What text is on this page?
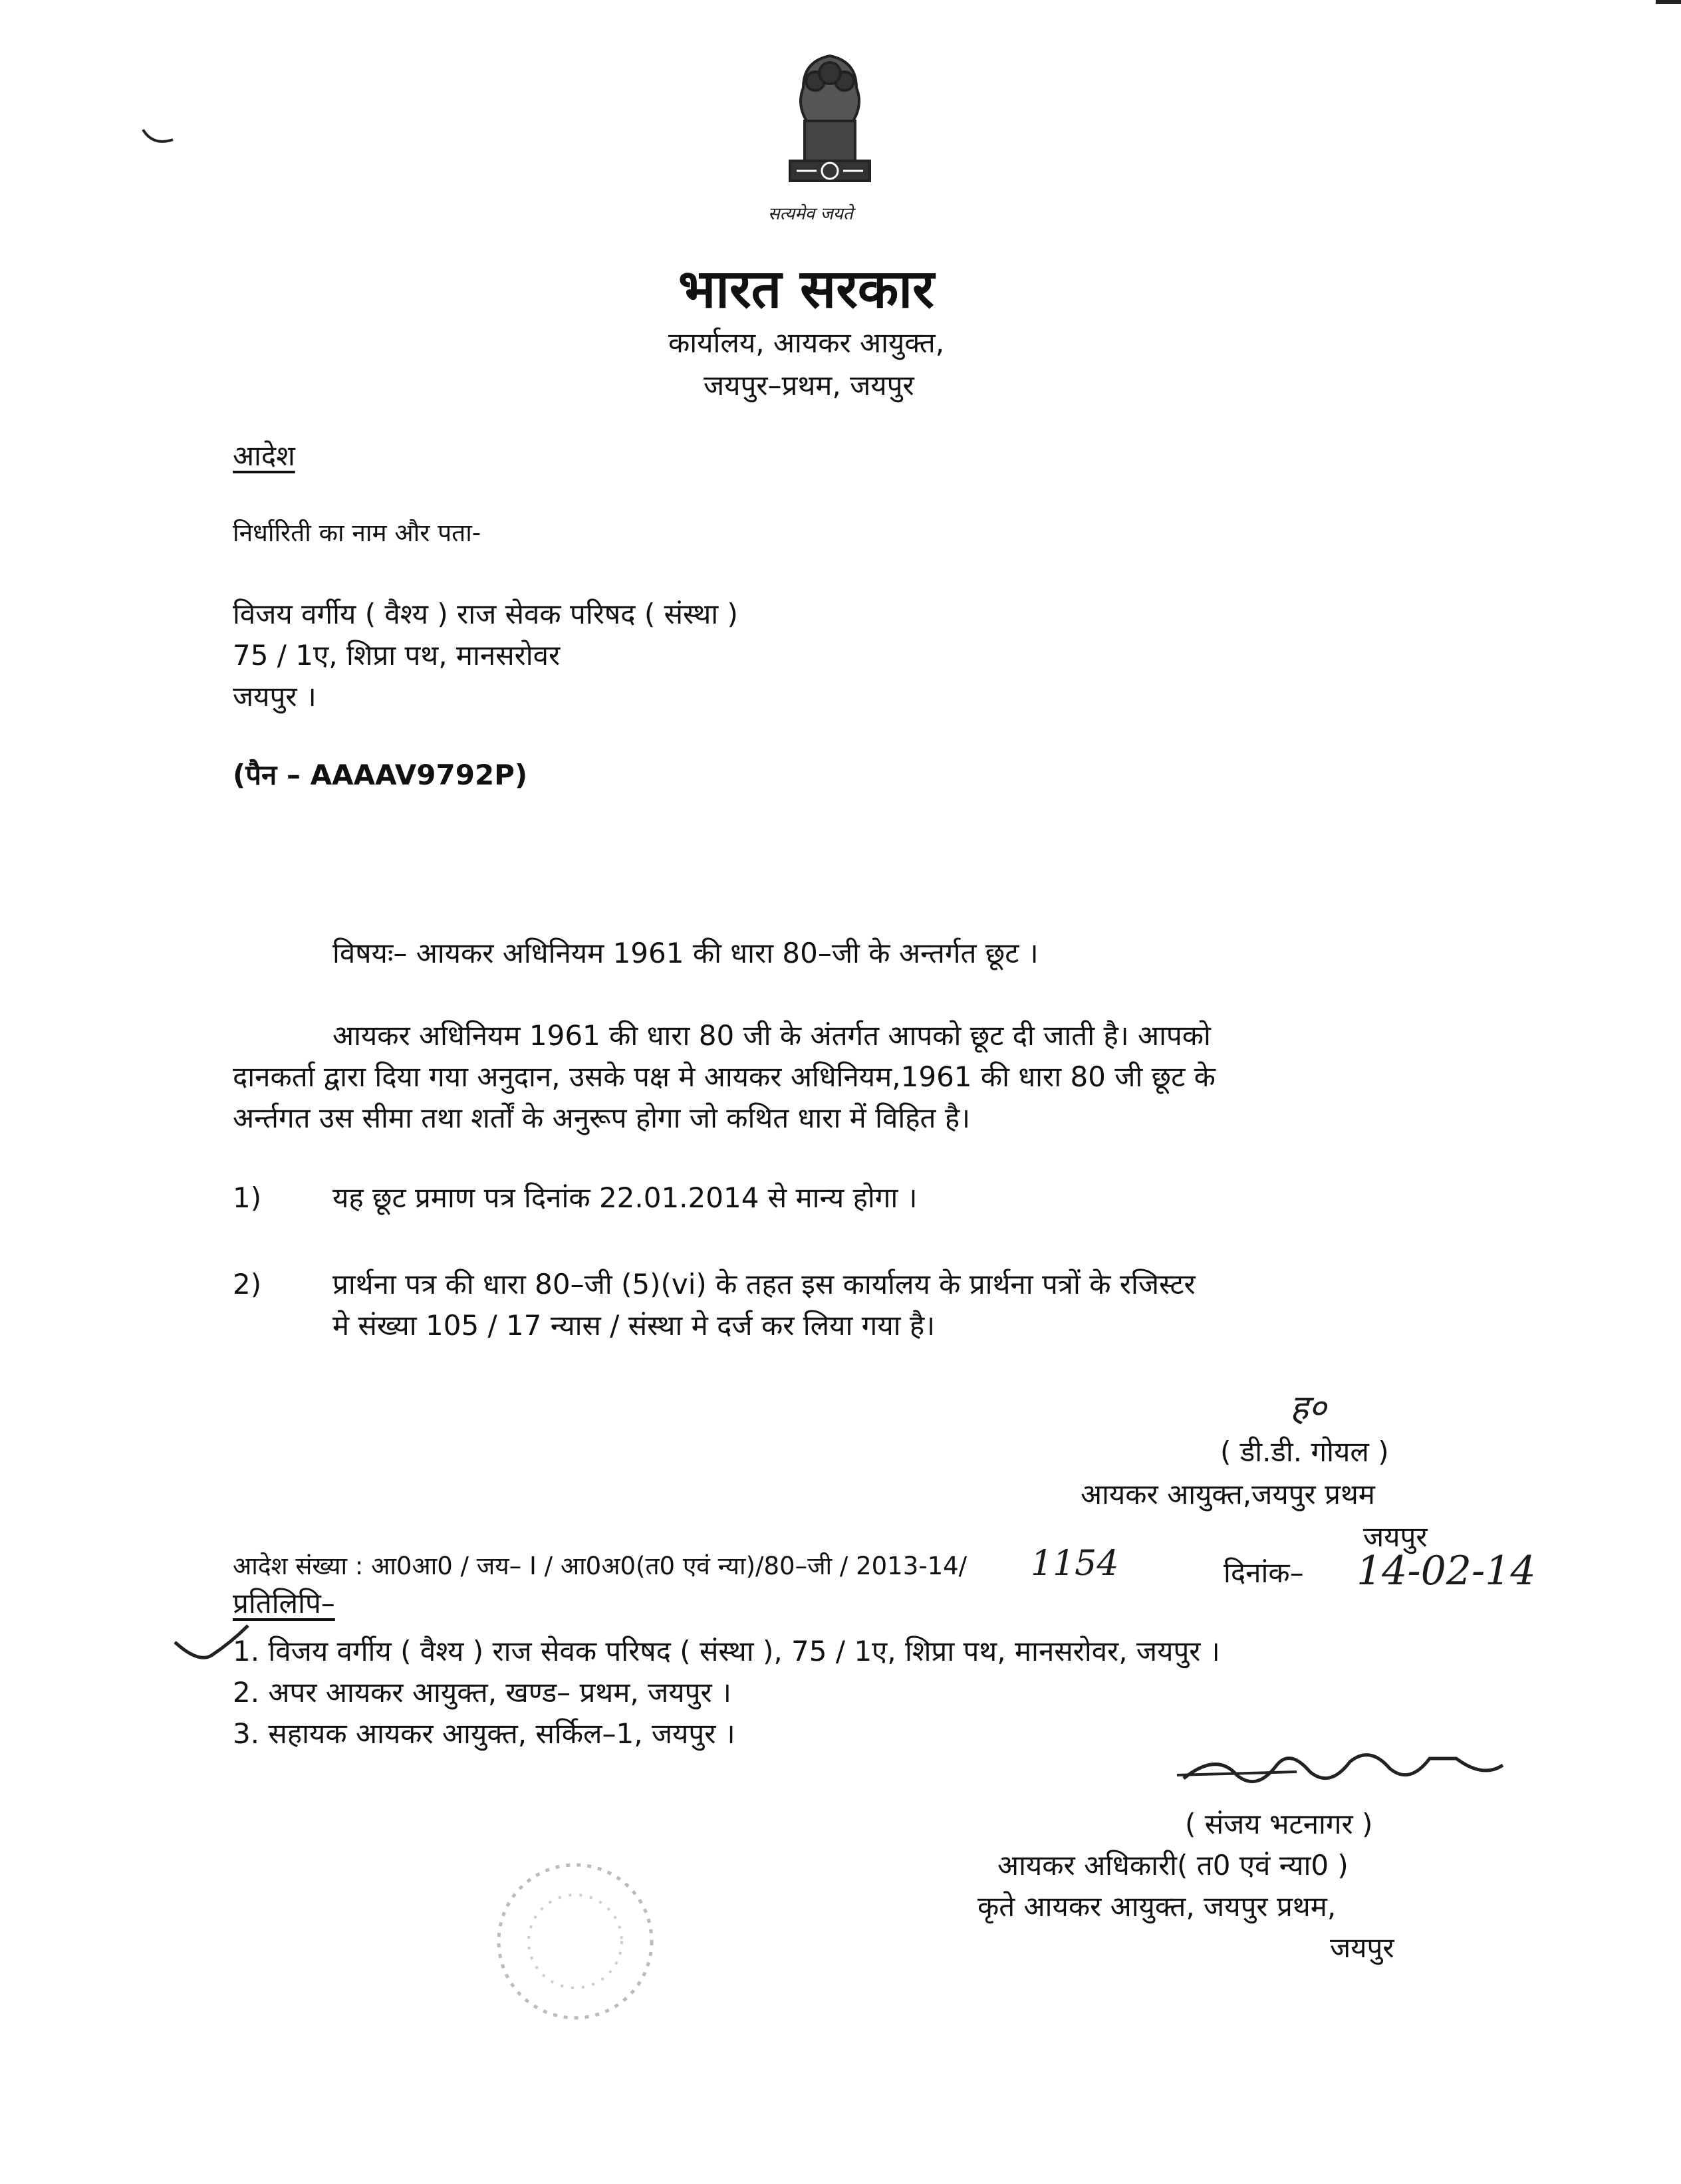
सत्यमेव जयते
भारत सरकार
कार्यालय, आयकर आयुक्त,
जयपुर–प्रथम, जयपुर
आदेश
निर्धारिती का नाम और पता-
विजय वर्गीय ( वैश्य ) राज सेवक परिषद ( संस्था )
75 / 1ए, शिप्रा पथ, मानसरोवर
जयपुर ।
(पैन – AAAAV9792P)
विषयः– आयकर अधिनियम 1961 की धारा 80–जी के अन्तर्गत छूट ।
आयकर अधिनियम 1961 की धारा 80 जी के अंतर्गत आपको छूट दी जाती है। आपको
दानकर्ता द्वारा दिया गया अनुदान, उसके पक्ष मे आयकर अधिनियम,1961 की धारा 80 जी छूट के
अर्न्तगत उस सीमा तथा शर्तों के अनुरूप होगा जो कथित धारा में विहित है।
1)	यह छूट प्रमाण पत्र दिनांक 22.01.2014 से मान्य होगा ।
2)	प्रार्थना पत्र की धारा 80–जी (5)(vi) के तहत इस कार्यालय के प्रार्थना पत्रों के रजिस्टर
मे संख्या 105 / 17 न्यास / संस्था मे दर्ज कर लिया गया है।
ह०
( डी.डी. गोयल )
आयकर आयुक्त,जयपुर प्रथम
जयपुर
आदेश संख्या : आ0आ0 / जय– I / आ0अ0(त0 एवं न्या)/80–जी / 2013-14/ 1154	दिनांक– 14-02-14
प्रतिलिपि–
1. विजय वर्गीय ( वैश्य ) राज सेवक परिषद ( संस्था ), 75 / 1ए, शिप्रा पथ, मानसरोवर, जयपुर ।
2. अपर आयकर आयुक्त, खण्ड– प्रथम, जयपुर ।
3. सहायक आयकर आयुक्त, सर्किल–1, जयपुर ।
( संजय भटनागर )
आयकर अधिकारी( त0 एवं न्या0 )
कृते आयकर आयुक्त, जयपुर प्रथम,
जयपुर
